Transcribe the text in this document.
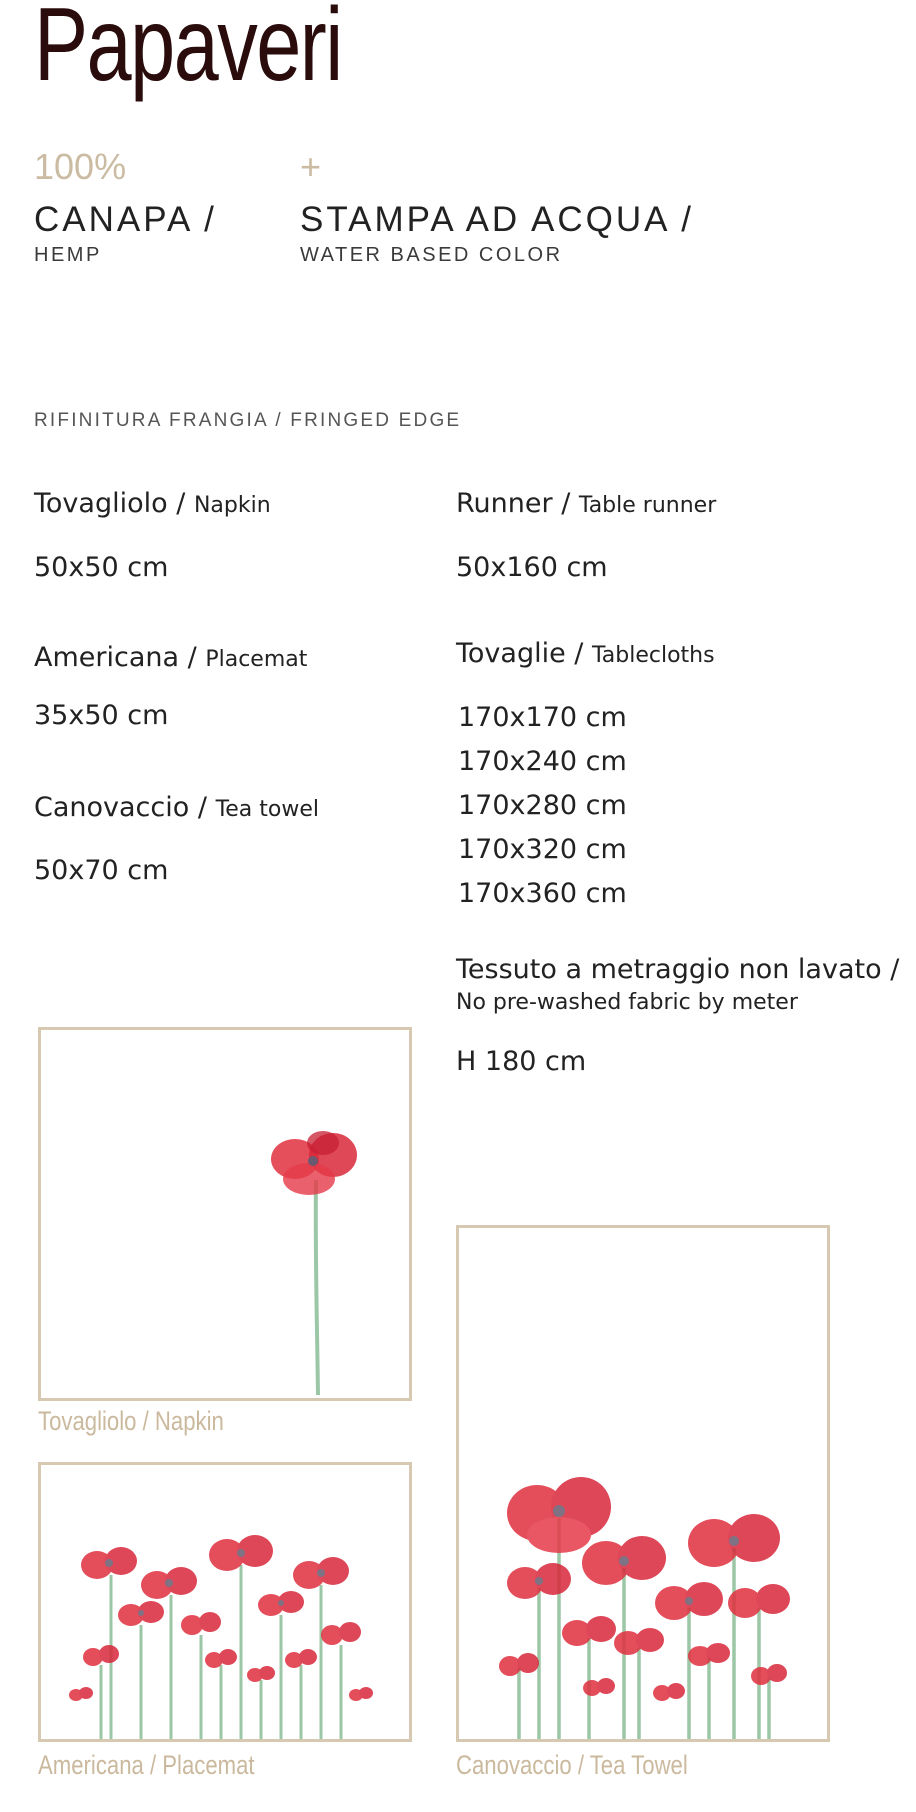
Papaveri
100%	+
CANAPA /
HEMP
STAMPA AD ACQUA /
WATER BASED COLOR
RIFINITURA FRANGIA / FRINGED EDGE
Tovagliolo / Napkin
50x50 cm
Americana / Placemat
35x50 cm
Canovaccio / Tea towel
50x70 cm
Runner / Table runner
50x160 cm
Tovaglie / Tablecloths
170x170 cm
170x240 cm
170x280 cm
170x320 cm
170x360 cm
Tessuto a metraggio non lavato /
No pre-washed fabric by meter
H 180 cm
Tovagliolo / Napkin
Americana / Placemat	Canovaccio / Tea Towel
